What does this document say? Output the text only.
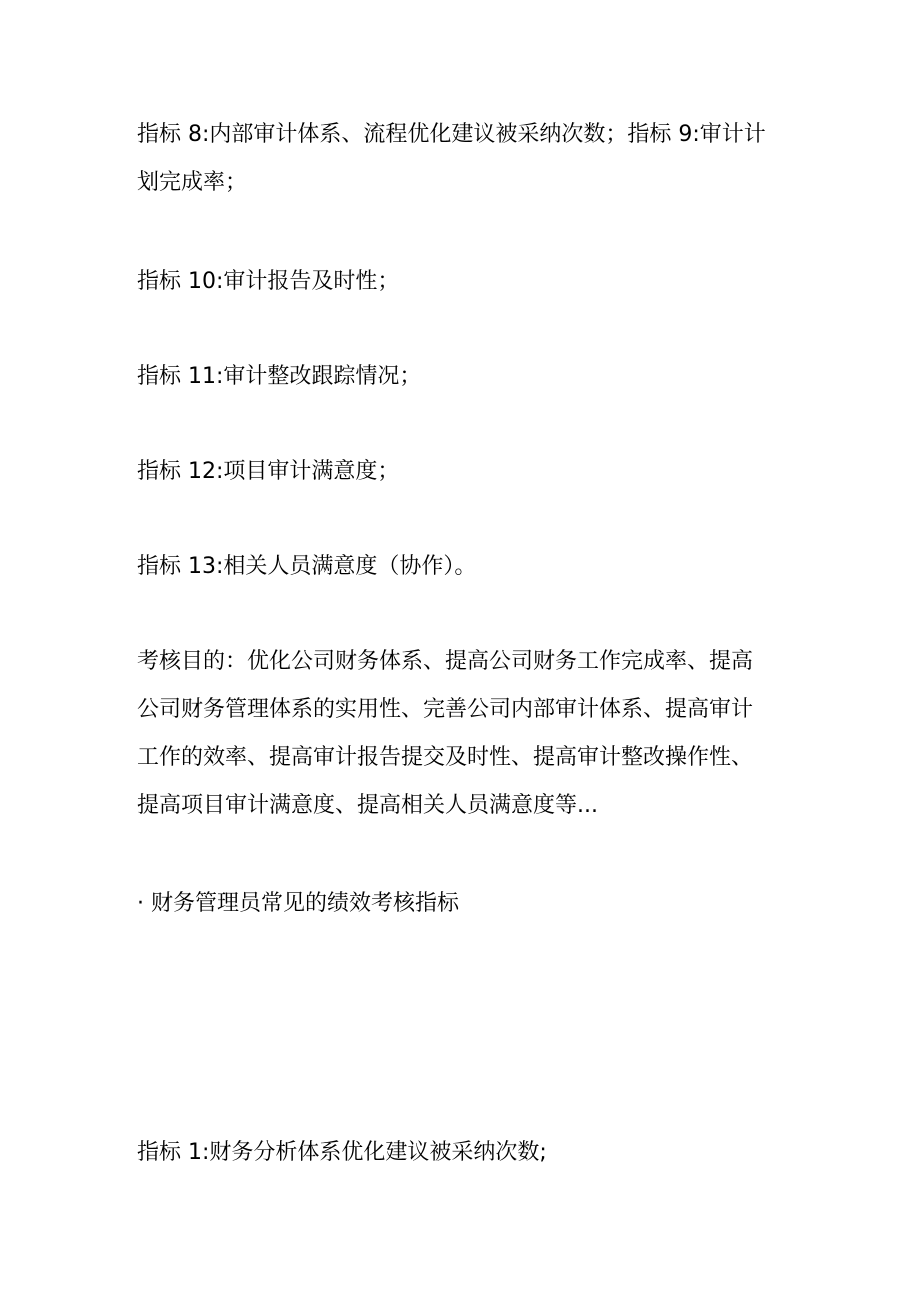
指标 8:内部审计体系、流程优化建议被采纳次数；指标 9:审计计
划完成率；

指标 10:审计报告及时性；

指标 11:审计整改跟踪情况；

指标 12:项目审计满意度；

指标 13:相关人员满意度（协作）。

考核目的：优化公司财务体系、提高公司财务工作完成率、提高
公司财务管理体系的实用性、完善公司内部审计体系、提高审计
工作的效率、提高审计报告提交及时性、提高审计整改操作性、
提高项目审计满意度、提高相关人员满意度等...

· 财务管理员常见的绩效考核指标

指标 1:财务分析体系优化建议被采纳次数;
